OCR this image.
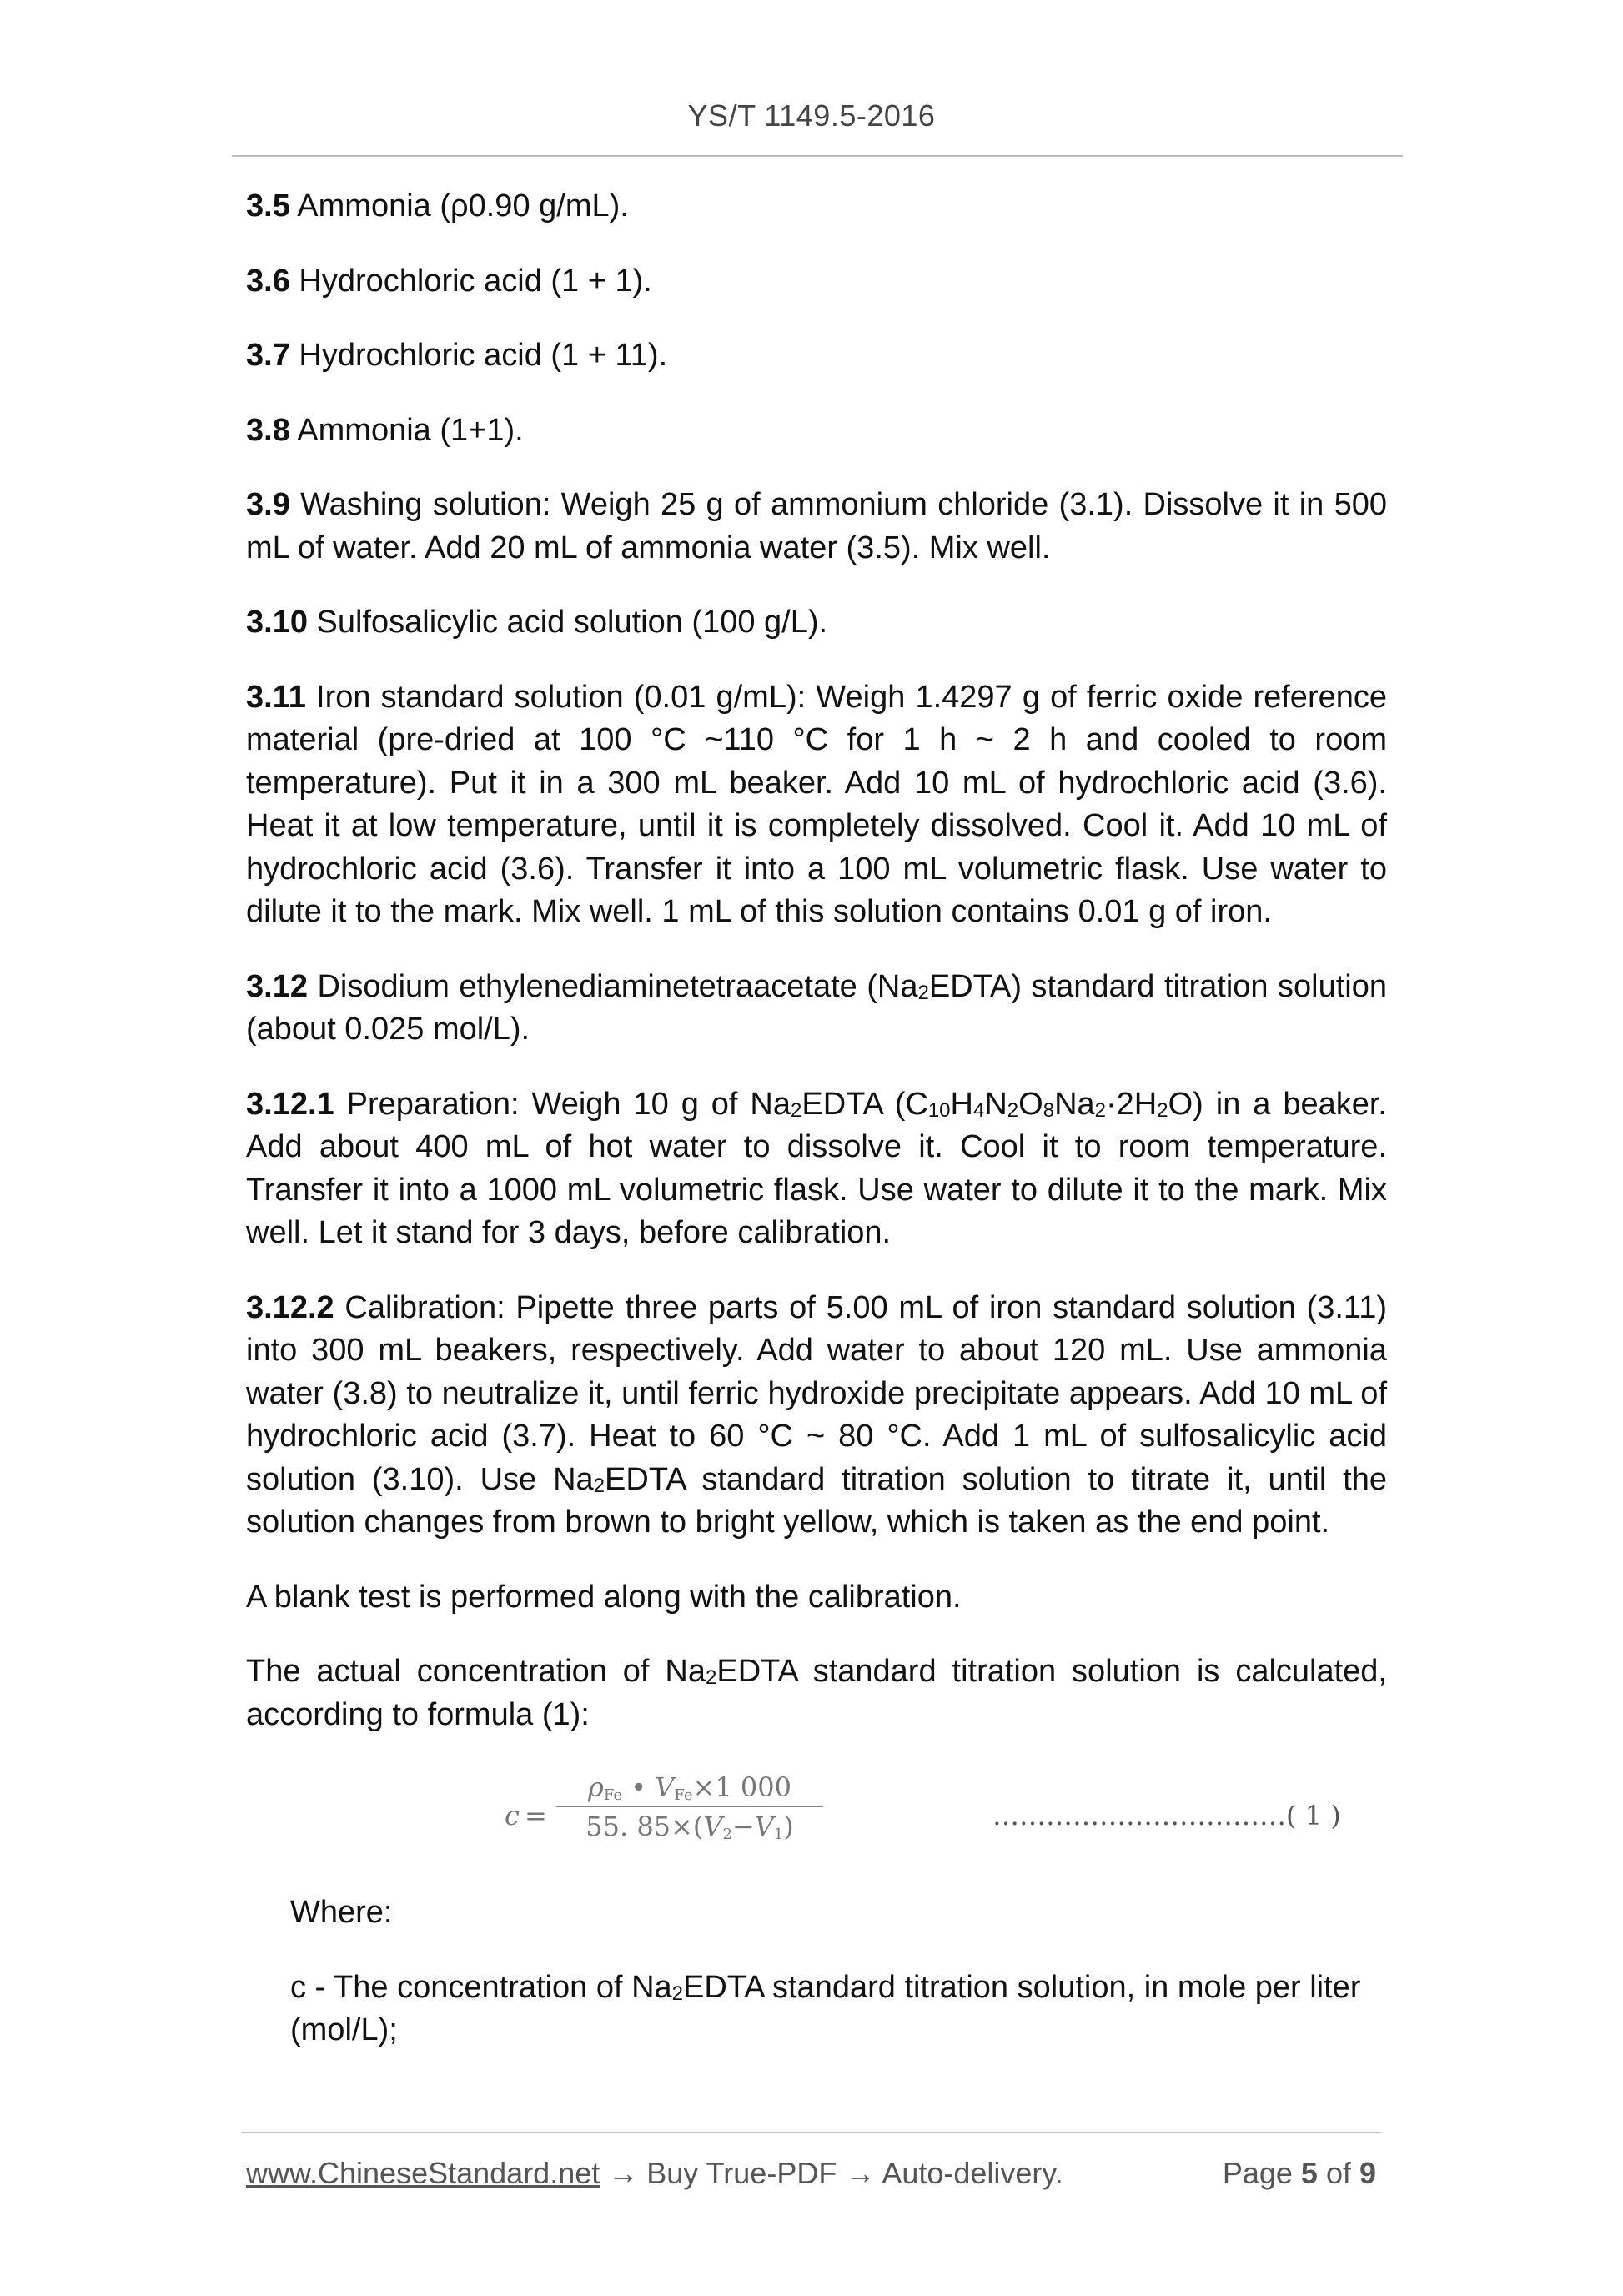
YS/T 1149.5-2016

3.5 Ammonia (ρ0.90 g/mL).

3.6 Hydrochloric acid (1 + 1).

3.7 Hydrochloric acid (1 + 11).

3.8 Ammonia (1+1).

3.9 Washing solution: Weigh 25 g of ammonium chloride (3.1). Dissolve it in 500 mL of water. Add 20 mL of ammonia water (3.5). Mix well.

3.10 Sulfosalicylic acid solution (100 g/L).

3.11 Iron standard solution (0.01 g/mL): Weigh 1.4297 g of ferric oxide reference material (pre-dried at 100 °C ~110 °C for 1 h ~ 2 h and cooled to room temperature). Put it in a 300 mL beaker. Add 10 mL of hydrochloric acid (3.6). Heat it at low temperature, until it is completely dissolved. Cool it. Add 10 mL of hydrochloric acid (3.6). Transfer it into a 100 mL volumetric flask. Use water to dilute it to the mark. Mix well. 1 mL of this solution contains 0.01 g of iron.

3.12 Disodium ethylenediaminetetraacetate $(Na_2EDTA)$ standard titration solution (about 0.025 mol/L).

3.12.1 Preparation: Weigh 10 g of $Na_2EDTA$ $(C_{10}H_4N_2O_8Na_2\cdot 2H_2O)$ in a beaker. Add about 400 mL of hot water to dissolve it. Cool it to room temperature. Transfer it into a 1000 mL volumetric flask. Use water to dilute it to the mark. Mix well. Let it stand for 3 days, before calibration.

3.12.2 Calibration: Pipette three parts of 5.00 mL of iron standard solution (3.11) into 300 mL beakers, respectively. Add water to about 120 mL. Use ammonia water (3.8) to neutralize it, until ferric hydroxide precipitate appears. Add 10 mL of hydrochloric acid (3.7). Heat to 60 °C ~ 80 °C. Add 1 mL of sulfosalicylic acid solution (3.10). Use $Na_2EDTA$ standard titration solution to titrate it, until the solution changes from brown to bright yellow, which is taken as the end point.

A blank test is performed along with the calibration.

The actual concentration of $Na_2EDTA$ standard titration solution is calculated, according to formula (1):

c =
$\rho_{Fe}$ • $V_{Fe}\times 1$ 000
55. $85\times(V_2-V_1)$	……………………………( 1 )

Where:

c - The concentration of $Na_2EDTA$ standard titration solution, in mole per liter (mol/L);

www.ChineseStandard.net → Buy True-PDF → Auto-delivery.	Page 5 of 9
